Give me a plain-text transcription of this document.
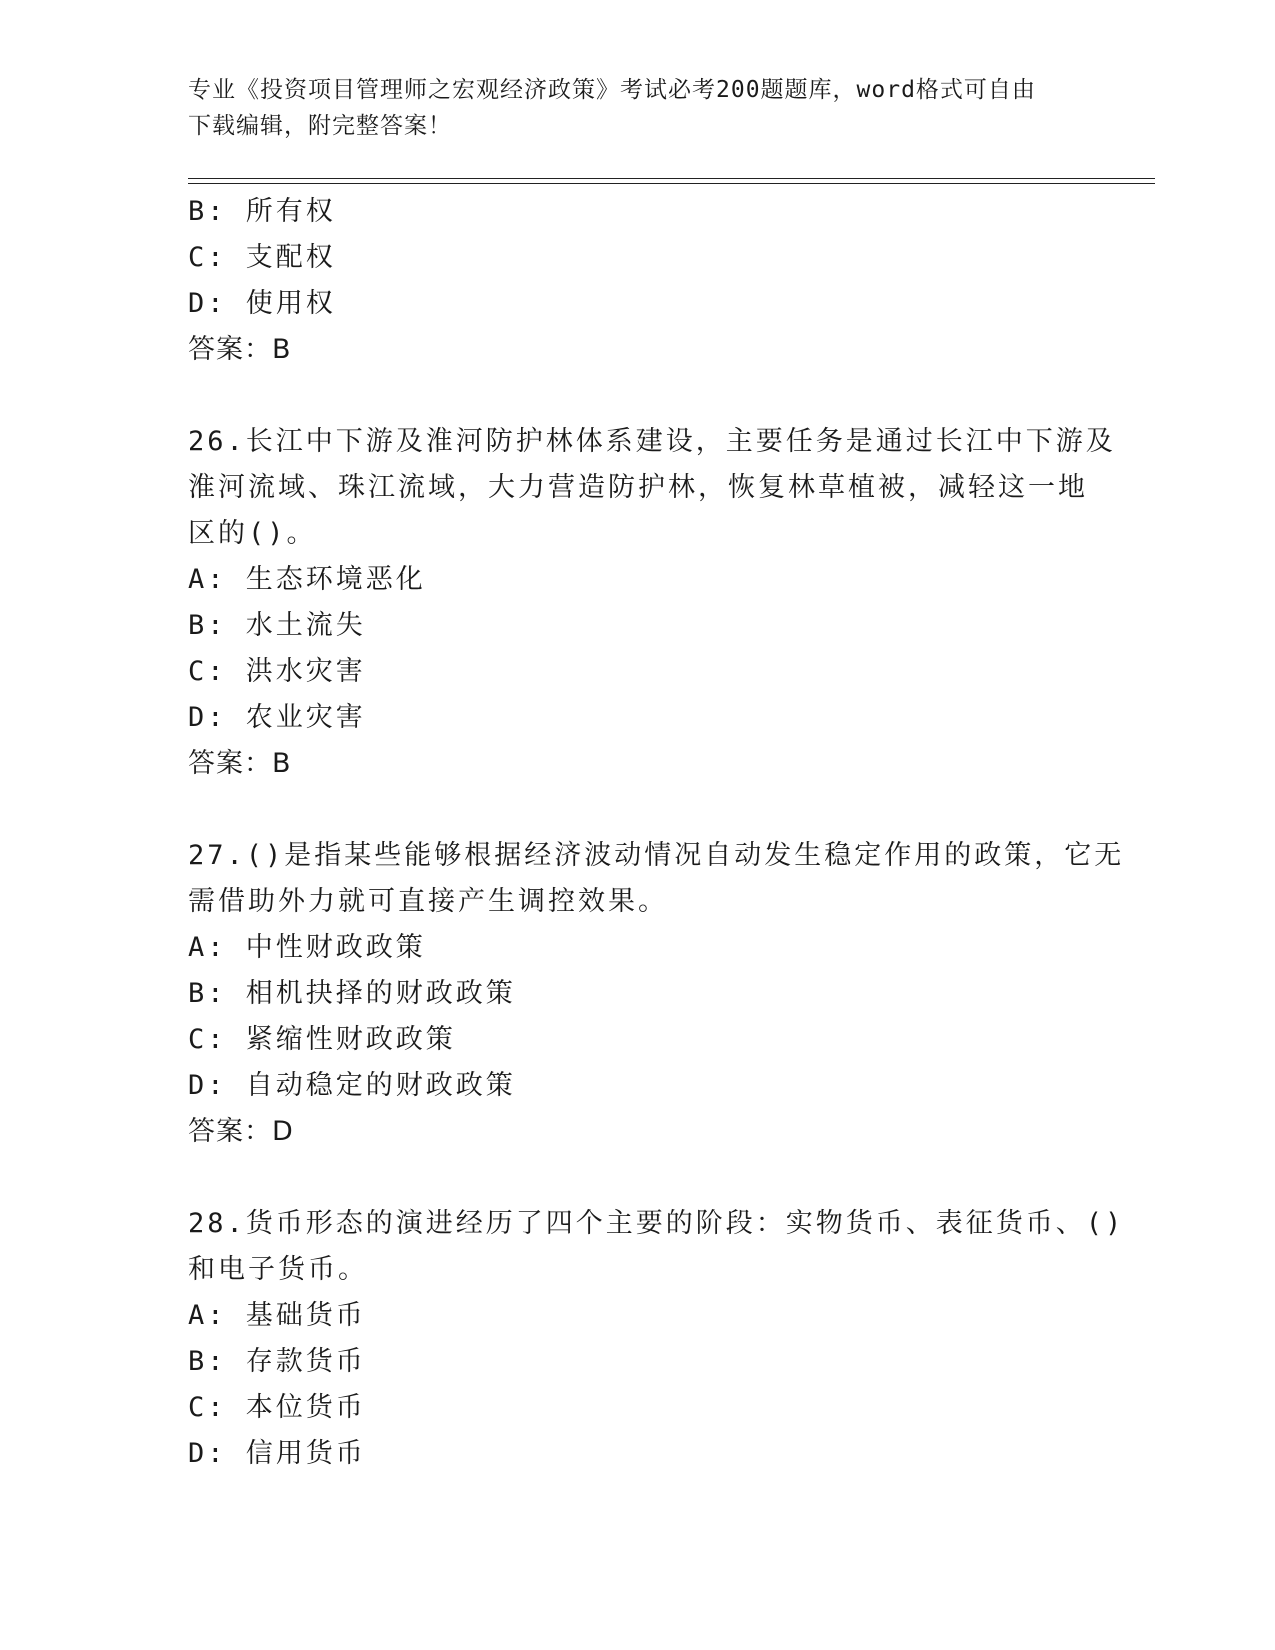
专业《投资项目管理师之宏观经济政策》考试必考200题题库，word格式可自由
下载编辑，附完整答案！
B: 所有权
C: 支配权
D: 使用权
答案：B
26.长江中下游及淮河防护林体系建设，主要任务是通过长江中下游及
淮河流域、珠江流域，大力营造防护林，恢复林草植被，减轻这一地
区的()。
A: 生态环境恶化
B: 水土流失
C: 洪水灾害
D: 农业灾害
答案：B
27.()是指某些能够根据经济波动情况自动发生稳定作用的政策，它无
需借助外力就可直接产生调控效果。
A: 中性财政政策
B: 相机抉择的财政政策
C: 紧缩性财政政策
D: 自动稳定的财政政策
答案：D
28.货币形态的演进经历了四个主要的阶段：实物货币、表征货币、()
和电子货币。
A: 基础货币
B: 存款货币
C: 本位货币
D: 信用货币
